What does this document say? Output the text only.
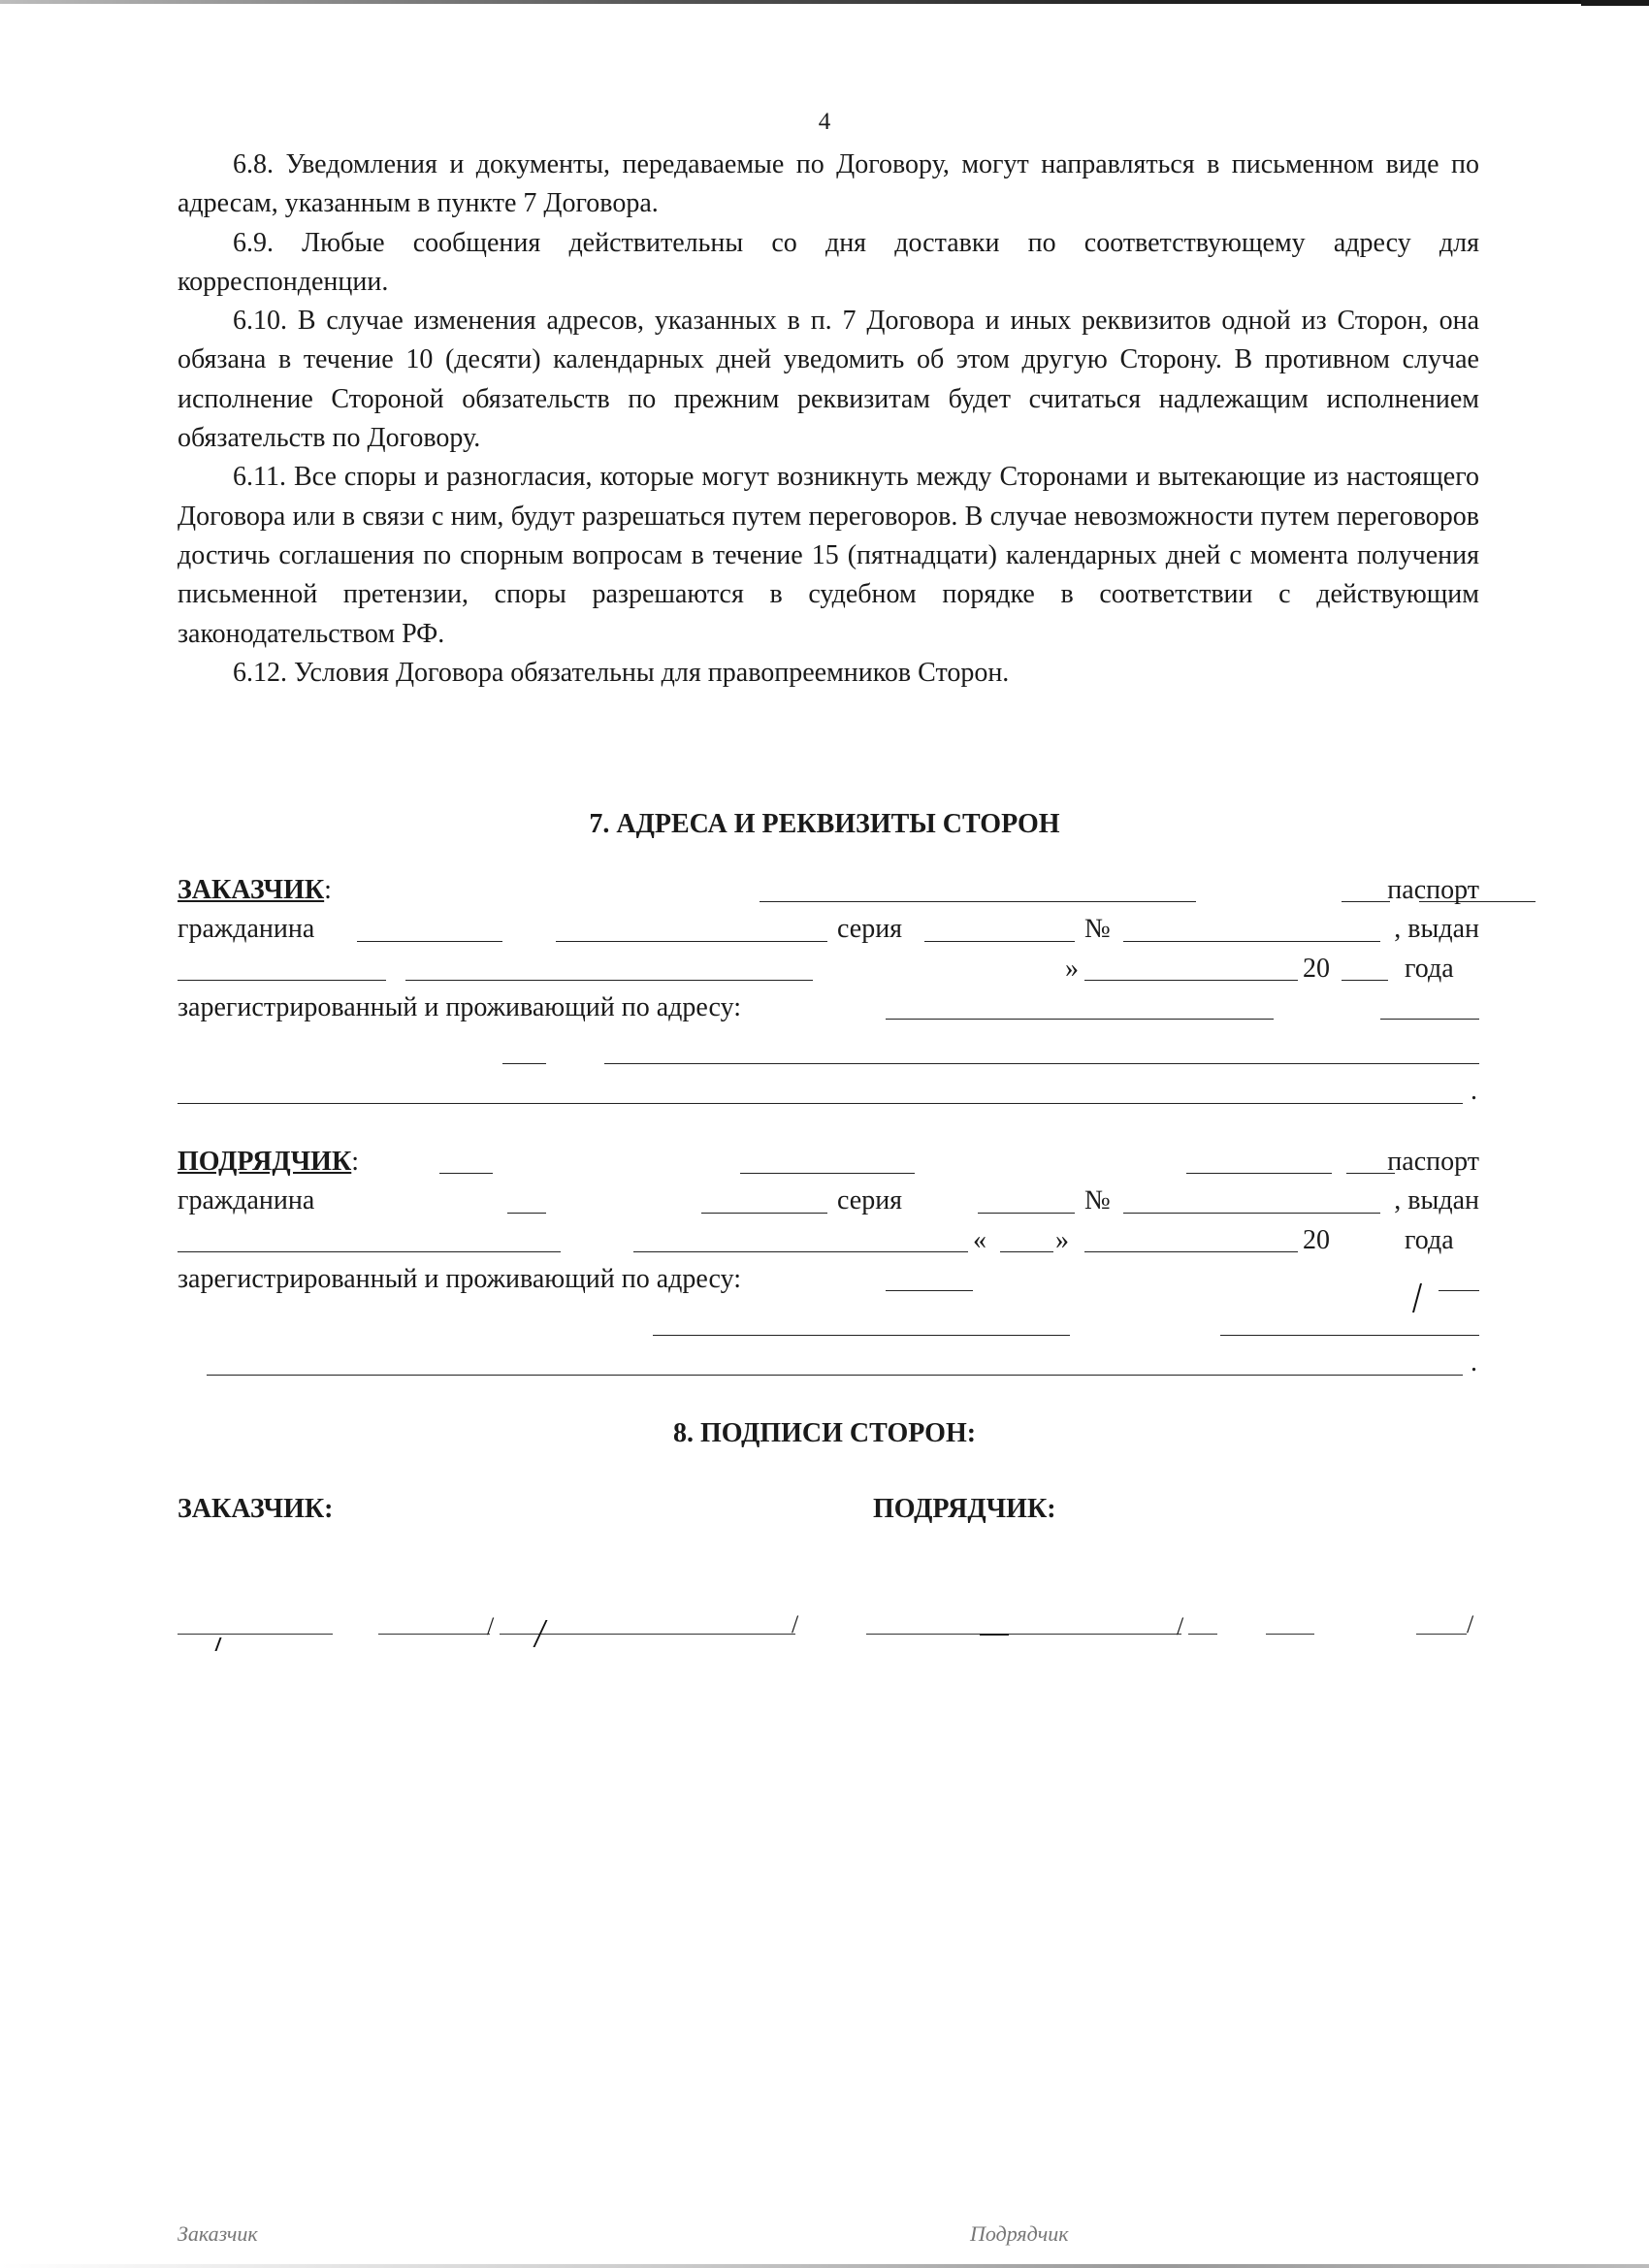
4

6.8. Уведомления и документы, передаваемые по Договору, могут направляться в письменном виде по адресам, указанным в пункте 7 Договора.

6.9. Любые сообщения действительны со дня доставки по соответствующему адресу для корреспонденции.

6.10. В случае изменения адресов, указанных в п. 7 Договора и иных реквизитов одной из Сторон, она обязана в течение 10 (десяти) календарных дней уведомить об этом другую Сторону. В противном случае исполнение Стороной обязательств по прежним реквизитам будет считаться надлежащим исполнением обязательств по Договору.

6.11. Все споры и разногласия, которые могут возникнуть между Сторонами и вытекающие из настоящего Договора или в связи с ним, будут разрешаться путем переговоров. В случае невозможности путем переговоров достичь соглашения по спорным вопросам в течение 15 (пятнадцати) календарных дней с момента получения письменной претензии, споры разрешаются в судебном порядке в соответствии с действующим законодательством РФ.

6.12. Условия Договора обязательны для правопреемников Сторон.

7. АДРЕСА И РЕКВИЗИТЫ СТОРОН
ЗАКАЗЧИК:	паспорт
гражданина	серия	№	, выдан
»	20	года
зарегистрированный и проживающий по адресу:
.
ПОДРЯДЧИК:	паспорт
гражданина	серия	№	, выдан
«	»	20	года
зарегистрированный и проживающий по адресу:
.
8. ПОДПИСИ СТОРОН:
ЗАКАЗЧИК:	ПОДРЯДЧИК:
/	/	/	/
Заказчик	Подрядчик
